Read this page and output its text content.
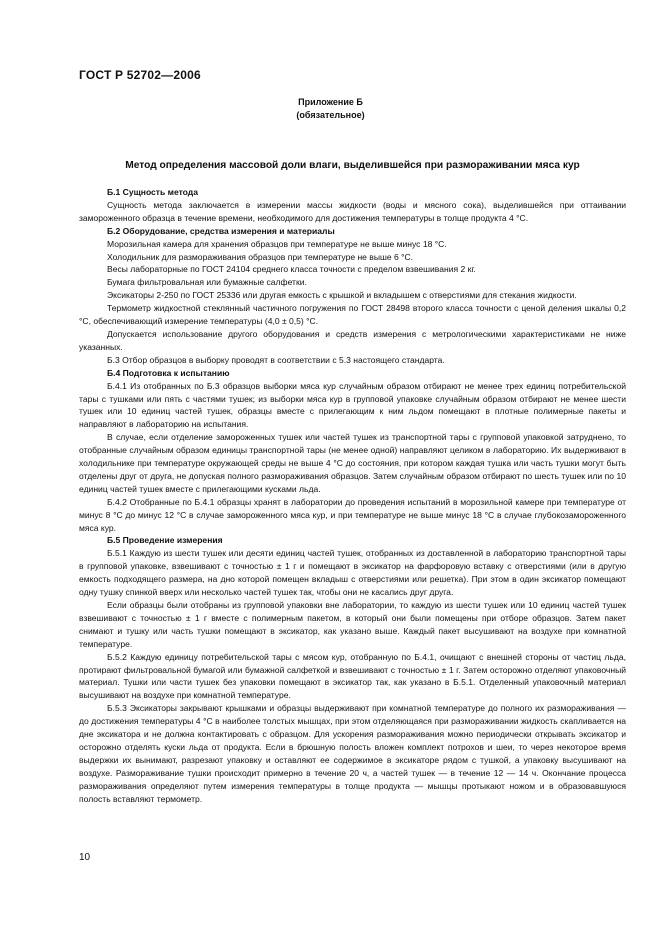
ГОСТ Р 52702—2006
Приложение Б
(обязательное)
Метод определения массовой доли влаги, выделившейся при размораживании мяса кур

Б.1 Сущность метода

Сущность метода заключается в измерении массы жидкости (воды и мясного сока), выделившейся при оттаивании замороженного образца в течение времени, необходимого для достижения температуры в толще продукта 4 °С.

Б.2 Оборудование, средства измерения и материалы

Морозильная камера для хранения образцов при температуре не выше минус 18 °С.

Холодильник для размораживания образцов при температуре не выше 6 °С.

Весы лабораторные по ГОСТ 24104 среднего класса точности с пределом взвешивания 2 кг.

Бумага фильтровальная или бумажные салфетки.

Эксикаторы 2-250 по ГОСТ 25336 или другая емкость с крышкой и вкладышем с отверстиями для стекания жидкости.

Термометр жидкостной стеклянный частичного погружения по ГОСТ 28498 второго класса точности с ценой деления шкалы 0,2 °С, обеспечивающий измерение температуры (4,0 ± 0,5) °С.

Допускается использование другого оборудования и средств измерения с метрологическими характеристиками не ниже указанных.

Б.3 Отбор образцов в выборку проводят в соответствии с 5.3 настоящего стандарта.

Б.4 Подготовка к испытанию

Б.4.1 Из отобранных по Б.3 образцов выборки мяса кур случайным образом отбирают не менее трех единиц потребительской тары с тушками или пять с частями тушек; из выборки мяса кур в групповой упаковке случайным образом отбирают не менее шести тушек или 10 единиц частей тушек, образцы вместе с прилегающим к ним льдом помещают в плотные полимерные пакеты и направляют в лабораторию на испытания.

В случае, если отделение замороженных тушек или частей тушек из транспортной тары с групповой упаковкой затруднено, то отобранные случайным образом единицы транспортной тары (не менее одной) направляют целиком в лабораторию. Их выдерживают в холодильнике при температуре окружающей среды не выше 4 °С до состояния, при котором каждая тушка или часть тушки могут быть отделены друг от друга, не допуская полного размораживания образцов. Затем случайным образом отбирают по шесть тушек или по 10 единиц частей тушек вместе с прилегающими кусками льда.

Б.4.2 Отобранные по Б.4.1 образцы хранят в лаборатории до проведения испытаний в морозильной камере при температуре от минус 8 °С до минус 12 °С в случае замороженного мяса кур, и при температуре не выше минус 18 °С в случае глубокозамороженного мяса кур.

Б.5 Проведение измерения

Б.5.1 Каждую из шести тушек или десяти единиц частей тушек, отобранных из доставленной в лабораторию транспортной тары в групповой упаковке, взвешивают с точностью ± 1 г и помещают в эксикатор на фарфоровую вставку с отверстиями (или в другую емкость подходящего размера, на дно которой помещен вкладыш с отверстиями или решетка). При этом в один эксикатор помещают одну тушку спинкой вверх или несколько частей тушек так, чтобы они не касались друг друга.

Если образцы были отобраны из групповой упаковки вне лаборатории, то каждую из шести тушек или 10 единиц частей тушек взвешивают с точностью ± 1 г вместе с полимерным пакетом, в который они были помещены при отборе образцов. Затем пакет снимают и тушку или часть тушки помещают в эксикатор, как указано выше. Каждый пакет высушивают на воздухе при комнатной температуре.

Б.5.2 Каждую единицу потребительской тары с мясом кур, отобранную по Б.4.1, очищают с внешней стороны от частиц льда, протирают фильтровальной бумагой или бумажной салфеткой и взвешивают с точностью ± 1 г. Затем осторожно отделяют упаковочный материал. Тушки или части тушек без упаковки помещают в эксикатор так, как указано в Б.5.1. Отделенный упаковочный материал высушивают на воздухе при комнатной температуре.

Б.5.3 Эксикаторы закрывают крышками и образцы выдерживают при комнатной температуре до полного их размораживания — до достижения температуры 4 °С в наиболее толстых мышцах, при этом отделяющаяся при размораживании жидкость скапливается на дне эксикатора и не должна контактировать с образцом. Для ускорения размораживания можно периодически открывать эксикатор и осторожно отделять куски льда от продукта. Если в брюшную полость вложен комплект потрохов и шеи, то через некоторое время выдержки их вынимают, разрезают упаковку и оставляют ее содержимое в эксикаторе рядом с тушкой, а упаковку высушивают на воздухе. Размораживание тушки происходит примерно в течение 20 ч, а частей тушек — в течение 12 — 14 ч. Окончание процесса размораживания определяют путем измерения температуры в толще продукта — мышцы протыкают ножом и в образовавшуюся полость вставляют термометр.

10
